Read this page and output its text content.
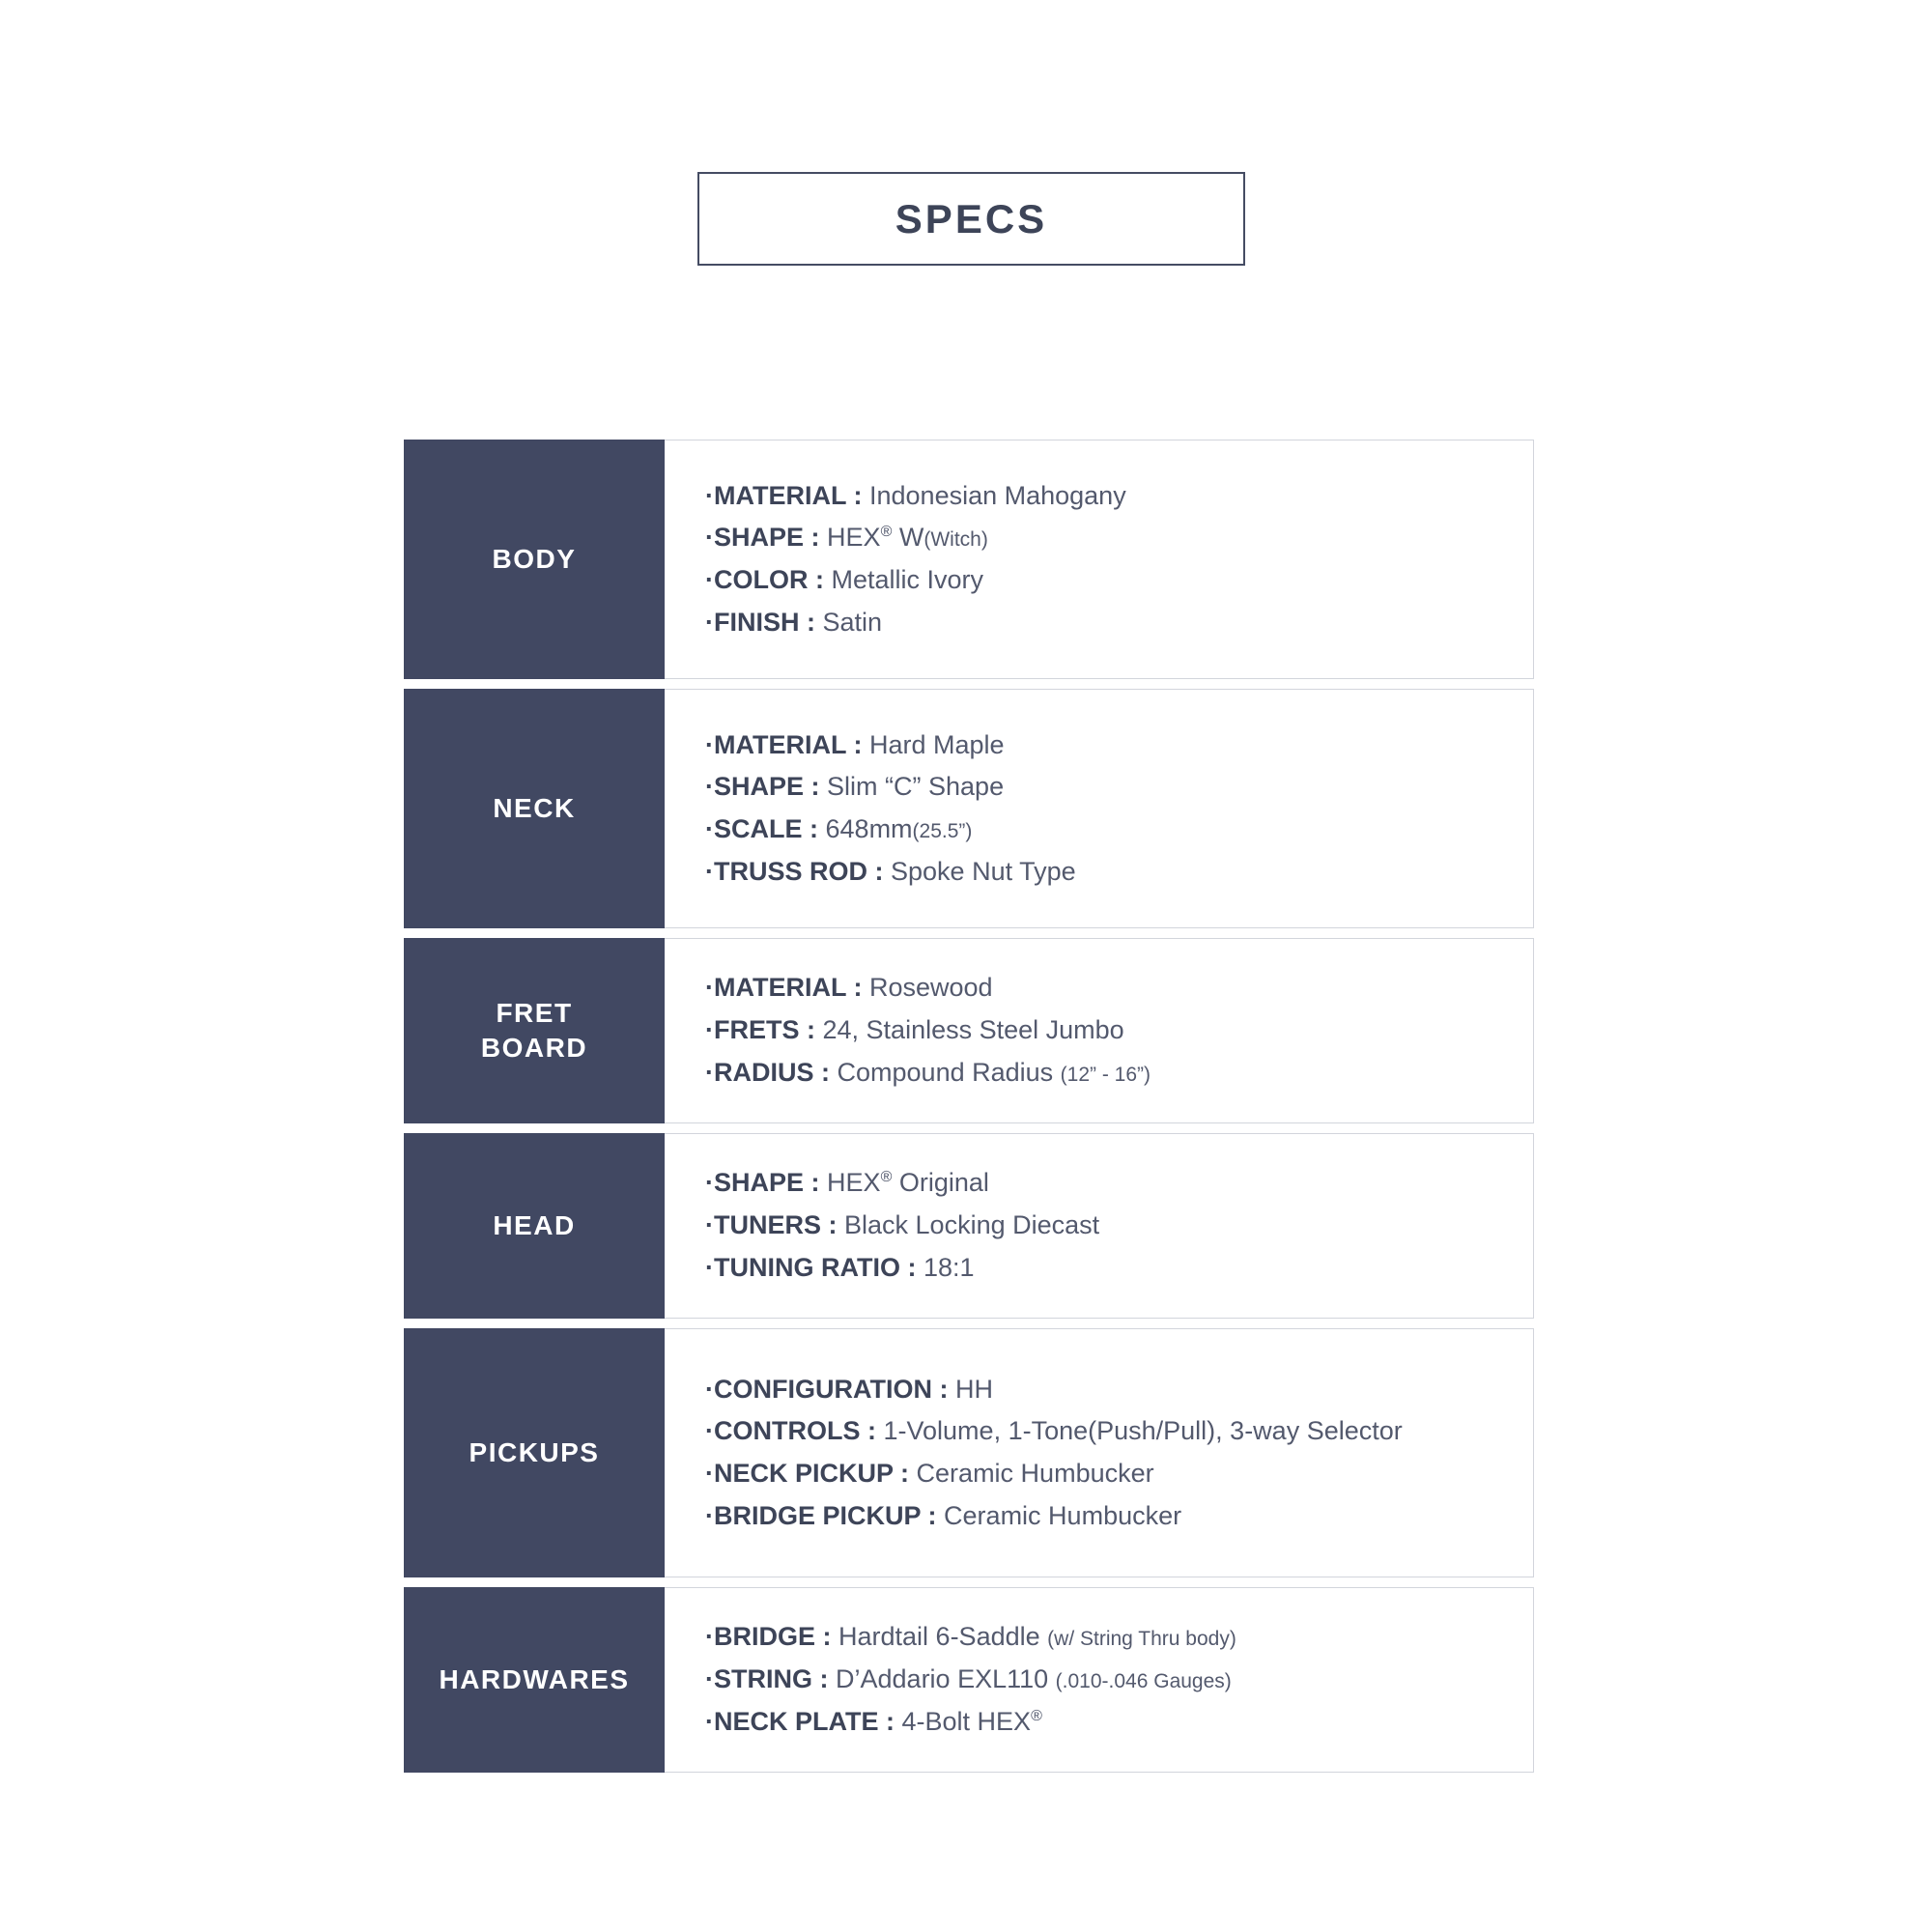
SPECS
BODY
·MATERIAL : Indonesian Mahogany
·SHAPE : HEX® W(Witch)
·COLOR : Metallic Ivory
·FINISH : Satin
NECK
·MATERIAL : Hard Maple
·SHAPE : Slim “C” Shape
·SCALE : 648mm(25.5”)
·TRUSS ROD : Spoke Nut Type
FRET
BOARD
·MATERIAL : Rosewood
·FRETS : 24, Stainless Steel Jumbo
·RADIUS : Compound Radius (12” - 16”)
HEAD
·SHAPE : HEX® Original
·TUNERS : Black Locking Diecast
·TUNING RATIO : 18:1
PICKUPS
·CONFIGURATION : HH
·CONTROLS : 1-Volume, 1-Tone(Push/Pull), 3-way Selector
·NECK PICKUP : Ceramic Humbucker
·BRIDGE PICKUP : Ceramic Humbucker
HARDWARES
·BRIDGE : Hardtail 6-Saddle (w/ String Thru body)
·STRING : D’Addario EXL110 (.010-.046 Gauges)
·NECK PLATE : 4-Bolt HEX®
